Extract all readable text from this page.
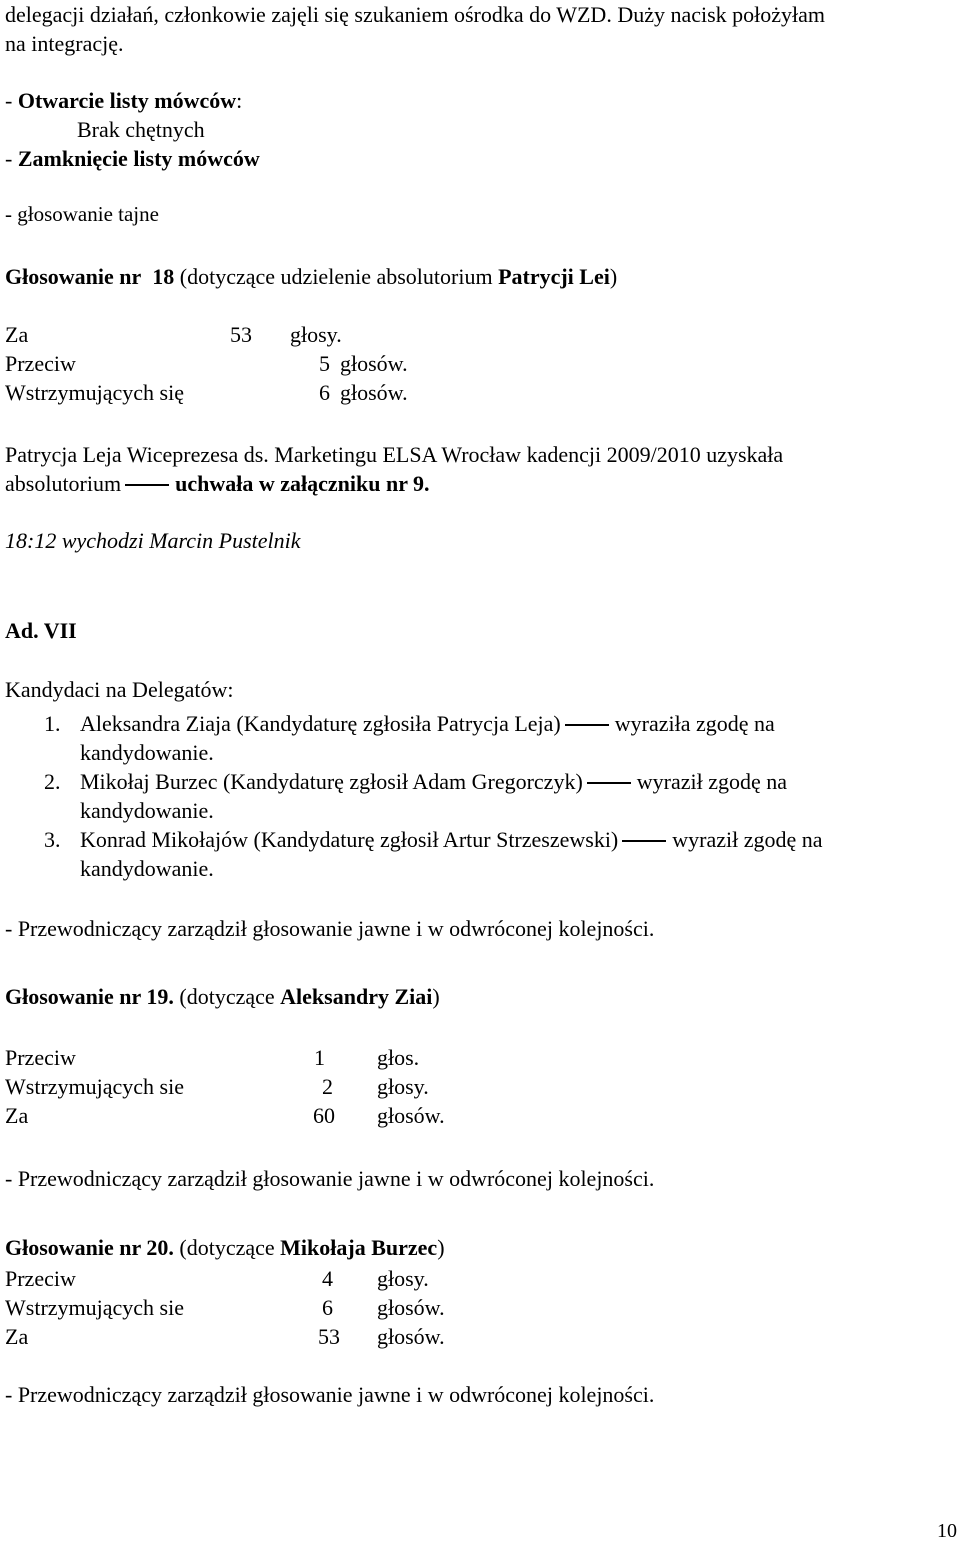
delegacji działań, członkowie zajęli się szukaniem ośrodka do WZD. Duży nacisk położyłam
na integrację.
- Otwarcie listy mówców:
Brak chętnych
- Zamknięcie listy mówców
- głosowanie tajne
Głosowanie nr 18 (dotyczące udzielenie absolutorium Patrycji Lei)
Za	53 głosy.
Przeciw	5 głosów.
Wstrzymujących się	6 głosów.
Patrycja Leja Wiceprezesa ds. Marketingu ELSA Wrocław kadencji 2009/2010 uzyskała
absolutorium uchwała w załączniku nr 9.
18:12 wychodzi Marcin Pustelnik
Ad. VII
Kandydaci na Delegatów:
1. Aleksandra Ziaja (Kandydaturę zgłosiła Patrycja Leja) wyraziła zgodę na
kandydowanie.
2. Mikołaj Burzec (Kandydaturę zgłosił Adam Gregorczyk) wyraził zgodę na
kandydowanie.
3. Konrad Mikołajów (Kandydaturę zgłosił Artur Strzeszewski) wyraził zgodę na
kandydowanie.
- Przewodniczący zarządził głosowanie jawne i w odwróconej kolejności.
Głosowanie nr 19. (dotyczące Aleksandry Ziai)
Przeciw	1 głos.
Wstrzymujących sie	2 głosy.
Za	60 głosów.
- Przewodniczący zarządził głosowanie jawne i w odwróconej kolejności.
Głosowanie nr 20. (dotyczące Mikołaja Burzec)
Przeciw	4 głosy.
Wstrzymujących sie	6 głosów.
Za	53 głosów.
- Przewodniczący zarządził głosowanie jawne i w odwróconej kolejności.
10
